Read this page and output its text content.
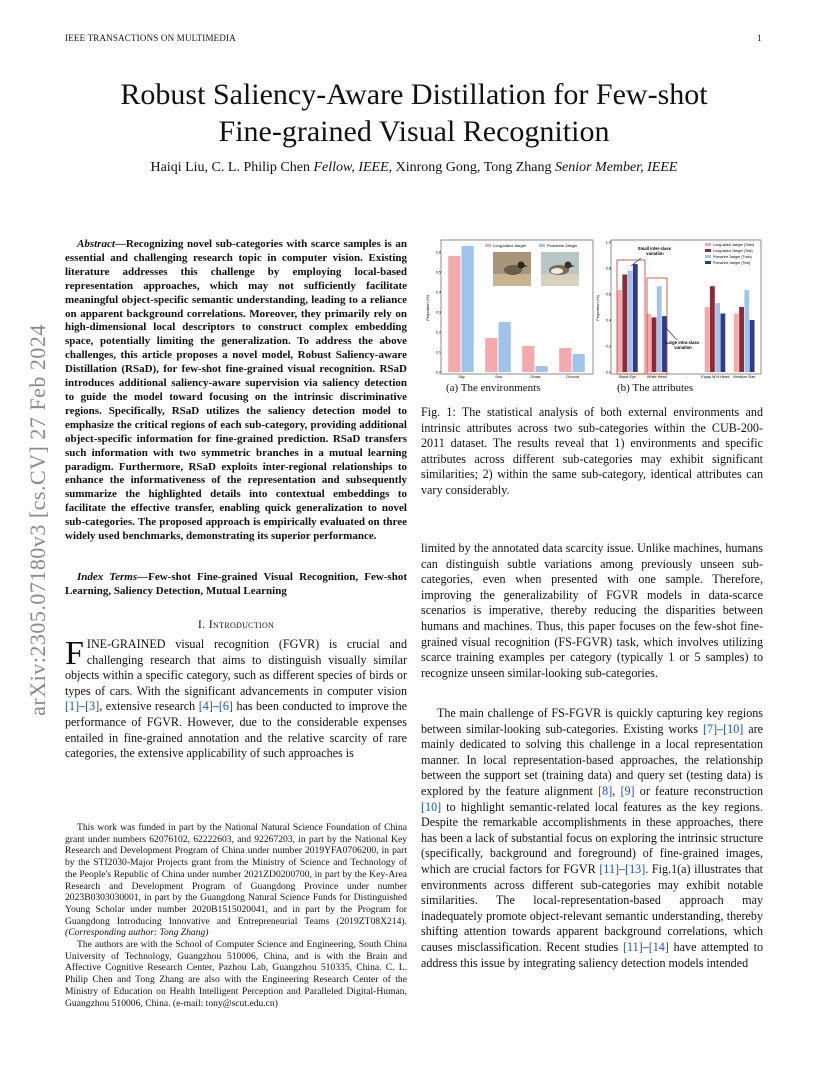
IEEE TRANSACTIONS ON MULTIMEDIA	1
Robust Saliency-Aware Distillation for Few-shot
Fine-grained Visual Recognition
Haiqi Liu, C. L. Philip Chen Fellow, IEEE, Xinrong Gong, Tong Zhang Senior Member, IEEE
arXiv:2305.07180v3 [cs.CV] 27 Feb 2024
Abstract—Recognizing novel sub-categories with scarce samples is an essential and challenging research topic in computer vision. Existing literature addresses this challenge by employing local-based representation approaches, which may not sufficiently facilitate meaningful object-specific semantic understanding, leading to a reliance on apparent background correlations. Moreover, they primarily rely on high-dimensional local descriptors to construct complex embedding space, potentially limiting the generalization. To address the above challenges, this article proposes a novel model, Robust Saliency-aware Distillation (RSaD), for few-shot fine-grained visual recognition. RSaD introduces additional saliency-aware supervision via saliency detection to guide the model toward focusing on the intrinsic discriminative regions. Specifically, RSaD utilizes the saliency detection model to emphasize the critical regions of each sub-category, providing additional object-specific information for fine-grained prediction. RSaD transfers such information with two symmetric branches in a mutual learning paradigm. Furthermore, RSaD exploits inter-regional relationships to enhance the informativeness of the representation and subsequently summarize the highlighted details into contextual embeddings to facilitate the effective transfer, enabling quick generalization to novel sub-categories. The proposed approach is empirically evaluated on three widely used benchmarks, demonstrating its superior performance.
Index Terms—Few-shot Fine-grained Visual Recognition, Few-shot Learning, Saliency Detection, Mutual Learning
I. Introduction
FINE-GRAINED visual recognition (FGVR) is crucial and challenging research that aims to distinguish visually similar objects within a specific category, such as different species of birds or types of cars. With the significant advancements in computer vision [1]–[3], extensive research [4]–[6] has been conducted to improve the performance of FGVR. However, due to the considerable expenses entailed in fine-grained annotation and the relative scarcity of rare categories, the extensive applicability of such approaches is

This work was funded in part by the National Natural Science Foundation of China grant under numbers 62076102, 62222603, and 92267203, in part by the National Key Research and Development Program of China under number 2019YFA0706200, in part by the STI2030-Major Projects grant from the Ministry of Science and Technology of the People's Republic of China under number 2021ZD0200700, in part by the Key-Area Research and Development Program of Guangdong Province under number 2023B0303030001, in part by the Guangdong Natural Science Funds for Distinguished Young Scholar under number 2020B1515020041, and in part by the Program for Guangdong Introducing Innovative and Entrepreneurial Teams (2019ZT08X214). (Corresponding author: Tong Zhang)

The authors are with the School of Computer Science and Engineering, South China University of Technology, Guangzhou 510006, China, and is with the Brain and Affective Cognitive Research Center, Pazhou Lab, Guangzhou 510335, China. C. L. Philip Chen and Tong Zhang are also with the Engineering Research Center of the Ministry of Education on Health Intelligent Perception and Paralleled Digital-Human, Guangzhou 510006, China. (e-mail: tony@scut.edu.cn)

Proportion (%)
0.0
0.1
0.2
0.3
0.4
0.5
0.6
Sky	Sea	Grass	Ground
Long-tailed Jaeger	Pomarine Jaeger
Proportion (%)
0.0
0.2
0.4
0.6
0.8
1.0
Black Eye	White Head	...	Equal W.H.Head Medium Size
Long-tailed Jaeger (Train)
Long-tailed Jaeger (Test)
Pomarine Jaeger (Train)
Pomarine Jaeger (Test)
Small inter-class variation
Large intra-class variation
(a) The environments	(b) The attributes
Fig. 1: The statistical analysis of both external environments and intrinsic attributes across two sub-categories within the CUB-200-2011 dataset. The results reveal that 1) environments and specific attributes across different sub-categories may exhibit significant similarities; 2) within the same sub-category, identical attributes can vary considerably.
limited by the annotated data scarcity issue. Unlike machines, humans can distinguish subtle variations among previously unseen sub-categories, even when presented with one sample. Therefore, improving the generalizability of FGVR models in data-scarce scenarios is imperative, thereby reducing the disparities between humans and machines. Thus, this paper focuses on the few-shot fine-grained visual recognition (FS-FGVR) task, which involves utilizing scarce training examples per category (typically 1 or 5 samples) to recognize unseen similar-looking sub-categories.
The main challenge of FS-FGVR is quickly capturing key regions between similar-looking sub-categories. Existing works [7]–[10] are mainly dedicated to solving this challenge in a local representation manner. In local representation-based approaches, the relationship between the support set (training data) and query set (testing data) is explored by the feature alignment [8], [9] or feature reconstruction [10] to highlight semantic-related local features as the key regions. Despite the remarkable accomplishments in these approaches, there has been a lack of substantial focus on exploring the intrinsic structure (specifically, background and foreground) of fine-grained images, which are crucial factors for FGVR [11]–[13]. Fig.1(a) illustrates that environments across different sub-categories may exhibit notable similarities. The local-representation-based approach may inadequately promote object-relevant semantic understanding, thereby shifting attention towards apparent background correlations, which causes misclassification. Recent studies [11]–[14] have attempted to address this issue by integrating saliency detection models intended
